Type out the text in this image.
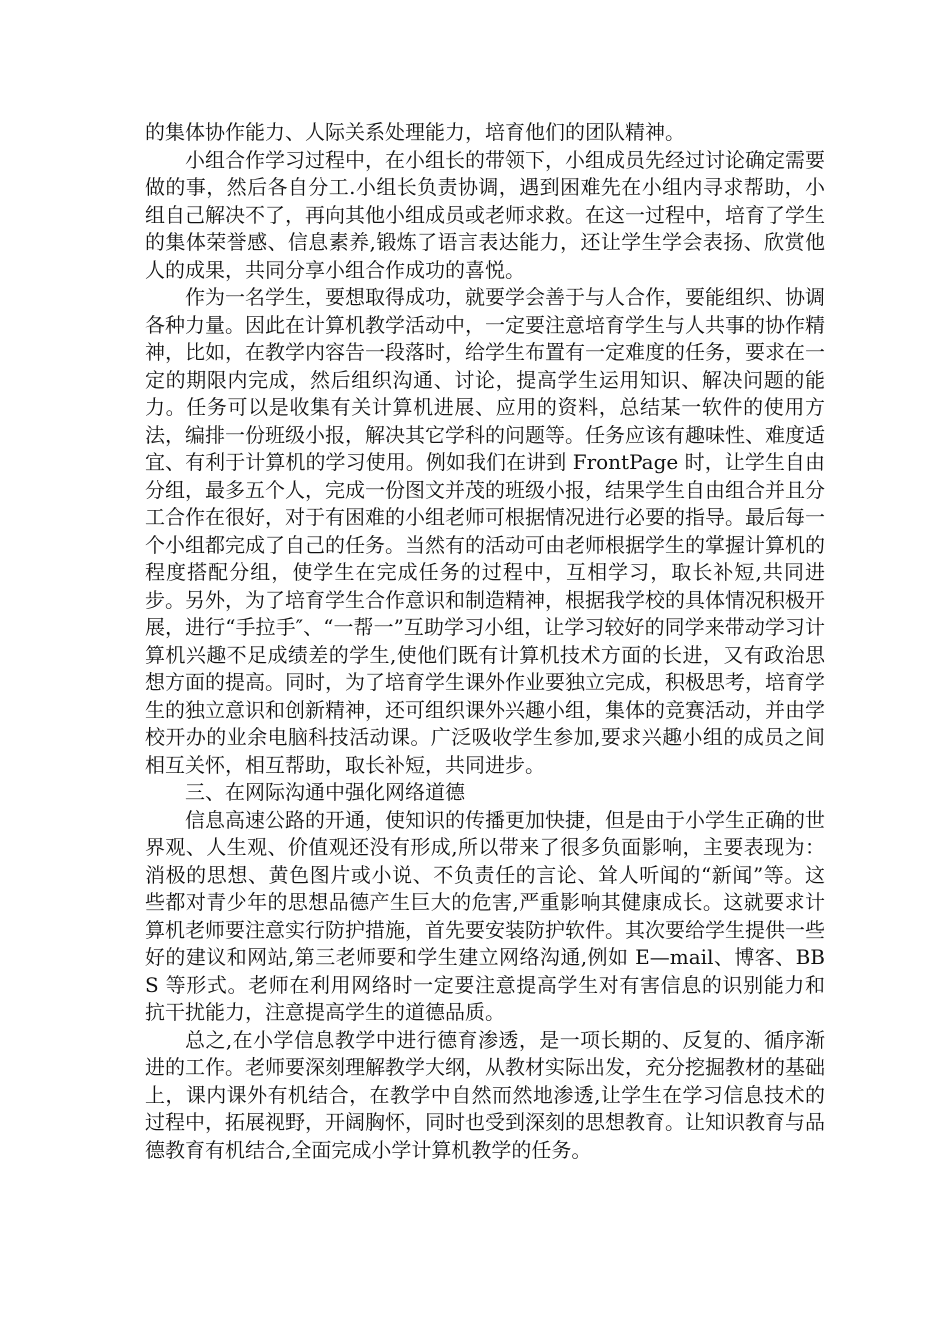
的集体协作能力、人际关系处理能力，培育他们的团队精神。

小组合作学习过程中，在小组长的带领下，小组成员先经过讨论确定需要做的事，然后各自分工.小组长负责协调，遇到困难先在小组内寻求帮助，小组自己解决不了，再向其他小组成员或老师求救。在这一过程中，培育了学生的集体荣誉感、信息素养,锻炼了语言表达能力，还让学生学会表扬、欣赏他人的成果，共同分享小组合作成功的喜悦。

作为一名学生，要想取得成功，就要学会善于与人合作，要能组织、协调各种力量。因此在计算机教学活动中，一定要注意培育学生与人共事的协作精神，比如，在教学内容告一段落时，给学生布置有一定难度的任务，要求在一定的期限内完成，然后组织沟通、讨论，提高学生运用知识、解决问题的能力。任务可以是收集有关计算机进展、应用的资料，总结某一软件的使用方法，编排一份班级小报，解决其它学科的问题等。任务应该有趣味性、难度适宜、有利于计算机的学习使用。例如我们在讲到 FrontPage 时，让学生自由分组，最多五个人，完成一份图文并茂的班级小报，结果学生自由组合并且分工合作在很好，对于有困难的小组老师可根据情况进行必要的指导。最后每一个小组都完成了自己的任务。当然有的活动可由老师根据学生的掌握计算机的程度搭配分组，使学生在完成任务的过程中，互相学习，取长补短,共同进步。另外，为了培育学生合作意识和制造精神，根据我学校的具体情况积极开展，进行“手拉手″、“一帮一”互助学习小组，让学习较好的同学来带动学习计算机兴趣不足成绩差的学生,使他们既有计算机技术方面的长进，又有政治思想方面的提高。同时，为了培育学生课外作业要独立完成，积极思考，培育学生的独立意识和创新精神，还可组织课外兴趣小组，集体的竞赛活动，并由学校开办的业余电脑科技活动课。广泛吸收学生参加,要求兴趣小组的成员之间相互关怀，相互帮助，取长补短，共同进步。

三、在网际沟通中强化网络道德

信息高速公路的开通，使知识的传播更加快捷，但是由于小学生正确的世界观、人生观、价值观还没有形成,所以带来了很多负面影响，主要表现为：消极的思想、黄色图片或小说、不负责任的言论、耸人听闻的“新闻”等。这些都对青少年的思想品德产生巨大的危害,严重影响其健康成长。这就要求计算机老师要注意实行防护措施，首先要安装防护软件。其次要给学生提供一些好的建议和网站,第三老师要和学生建立网络沟通,例如 E—mail、博客、BBS 等形式。老师在利用网络时一定要注意提高学生对有害信息的识别能力和抗干扰能力，注意提高学生的道德品质。

总之,在小学信息教学中进行德育渗透，是一项长期的、反复的、循序渐进的工作。老师要深刻理解教学大纲，从教材实际出发，充分挖掘教材的基础上，课内课外有机结合，在教学中自然而然地渗透,让学生在学习信息技术的过程中，拓展视野，开阔胸怀，同时也受到深刻的思想教育。让知识教育与品德教育有机结合,全面完成小学计算机教学的任务。
